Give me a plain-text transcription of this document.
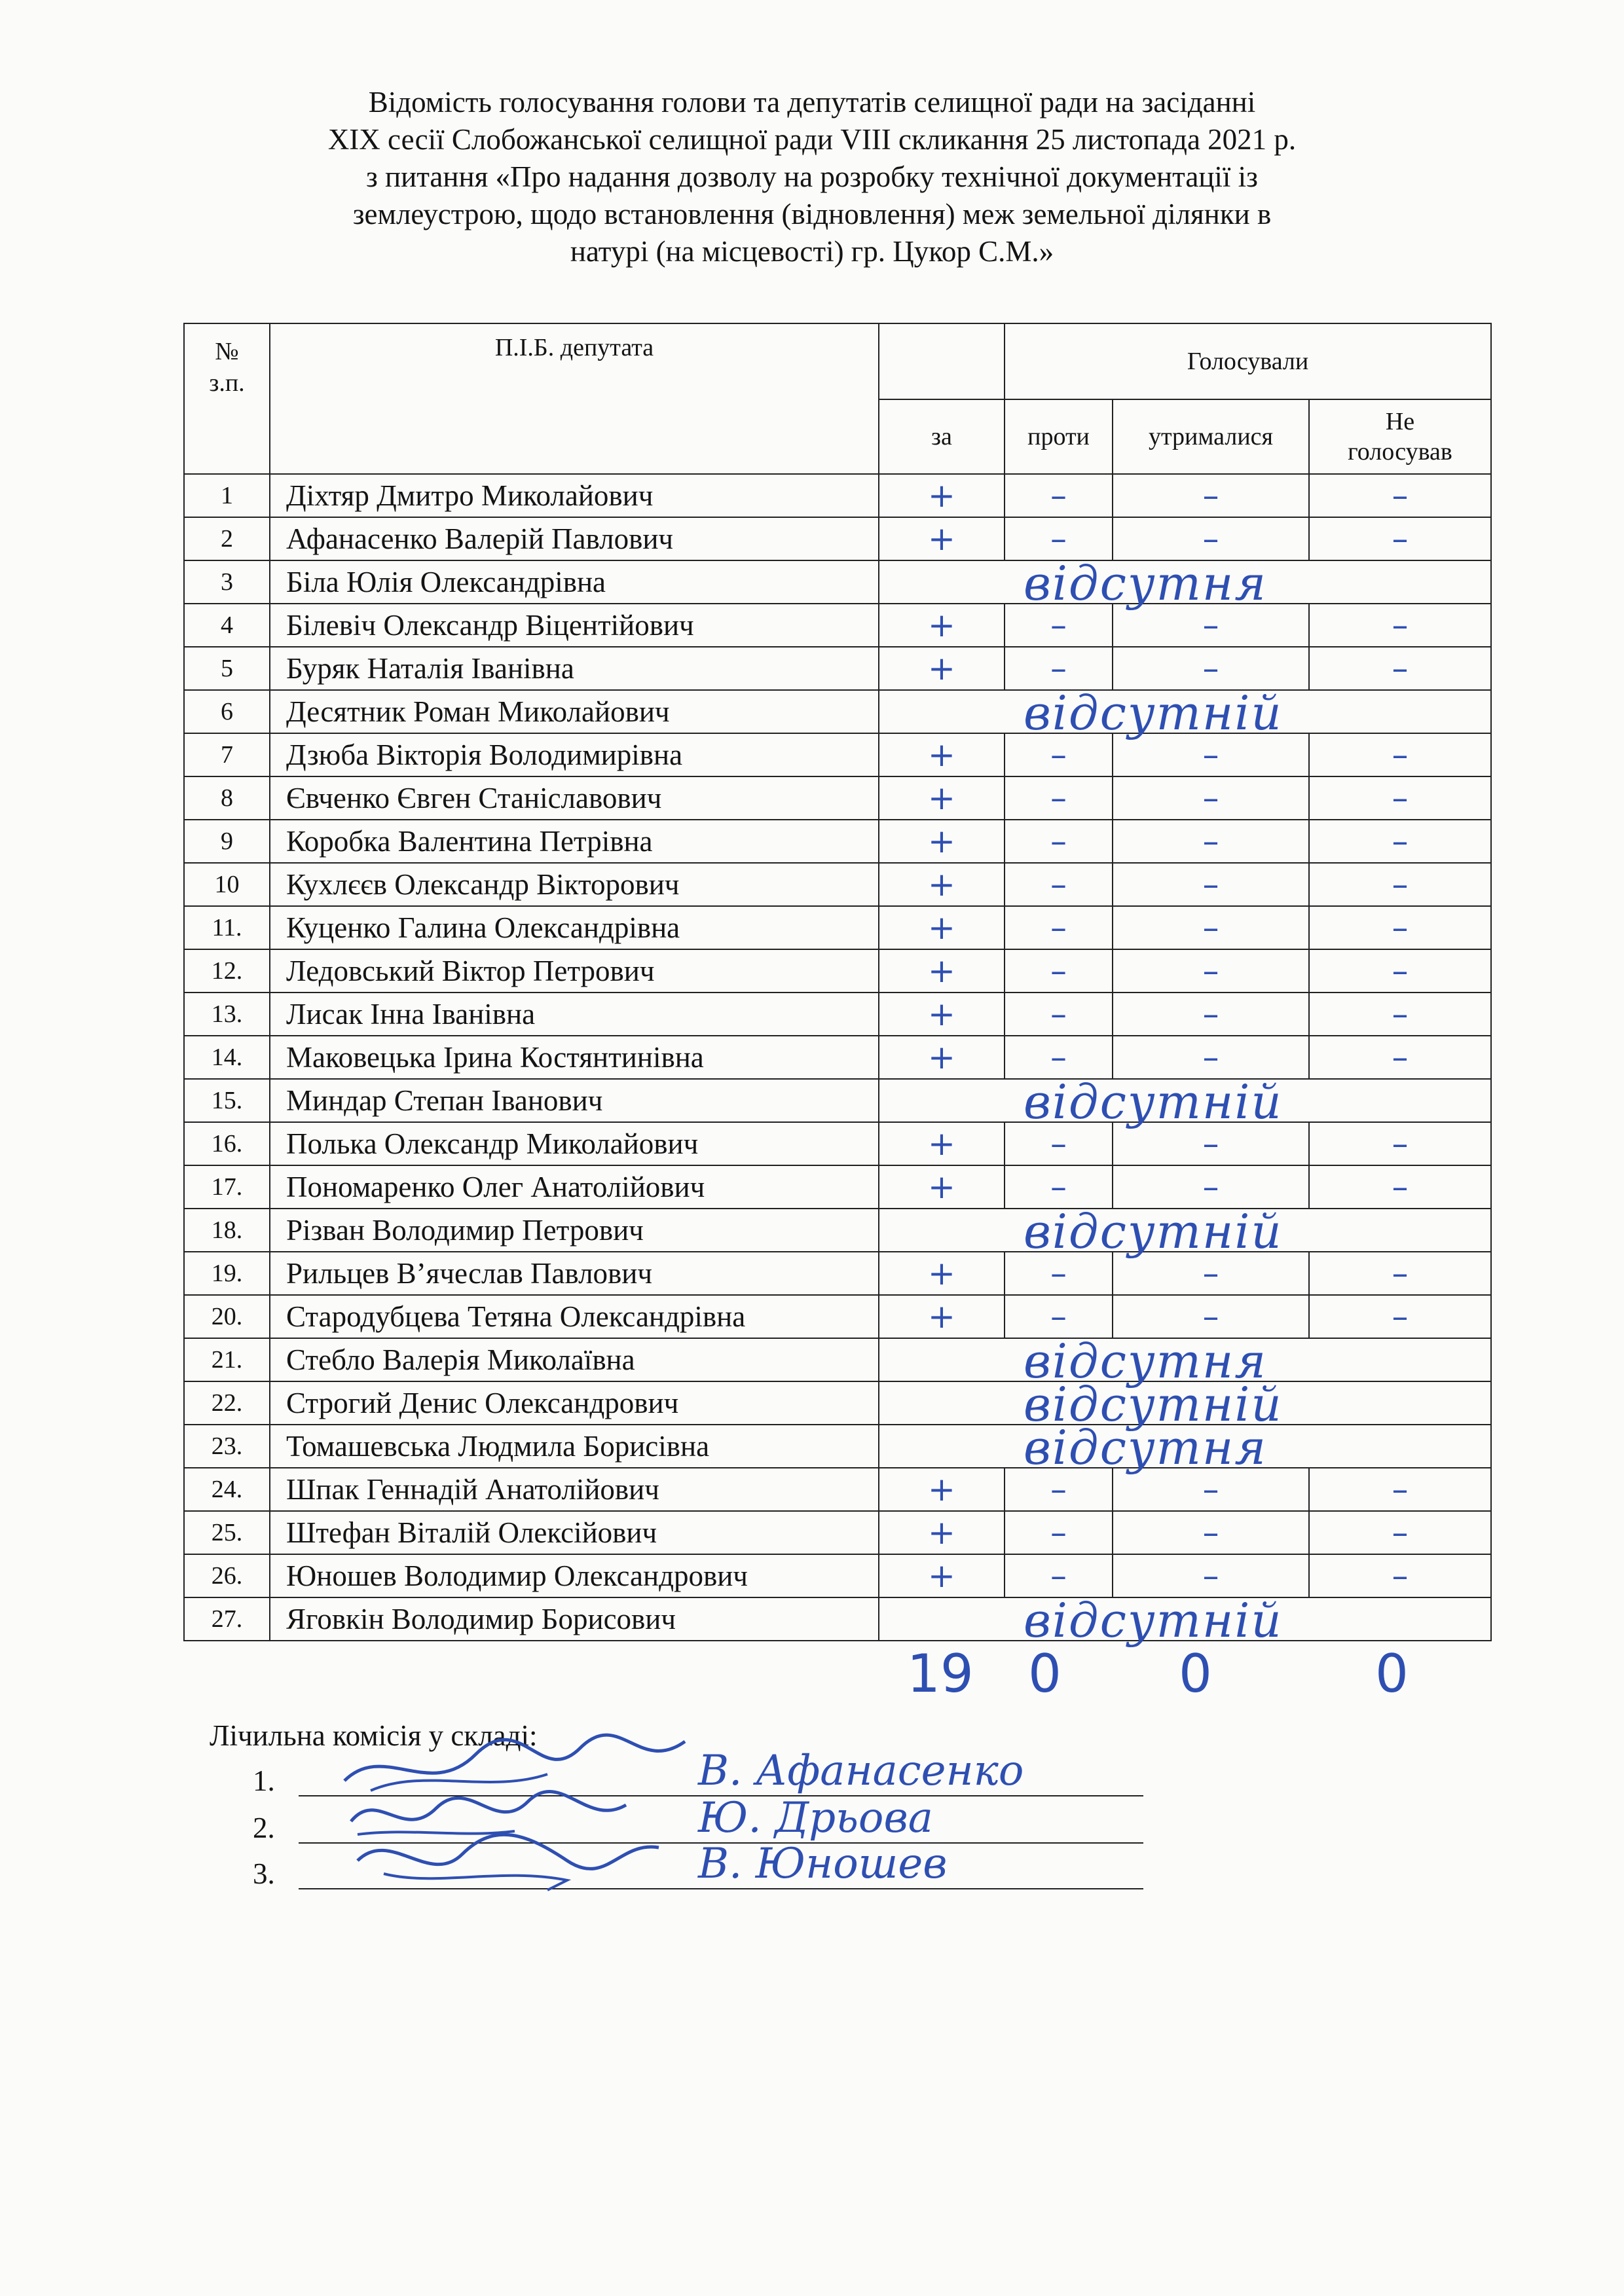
Відомість голосування голови та депутатів селищної ради на засіданні
XIX сесії Слобожанської селищної ради VIII скликання 25 листопада 2021 р.
з питання «Про надання дозволу на розробку технічної документації із
землеустрою, щодо встановлення (відновлення) меж земельної ділянки в
натурі (на місцевості) гр. Цукор С.М.»
№ з.п.	П.І.Б. депутата		Голосували		
		за	проти	утрималися	Не голосував

1	Діхтяр Дмитро Миколайович	+	–	–	–
2	Афанасенко Валерій Павлович	+	–	–	–
3	Біла Юлія Олександрівна	відсутня			

4	Білевіч Олександр Віцентійович	+	–	–	–
5	Буряк Наталія Іванівна	+	–	–	–
6	Десятник Роман Миколайович	відсутній			

7	Дзюба Вікторія Володимирівна	+	–	–	–
8	Євченко Євген Станіславович	+	–	–	–
9	Коробка Валентина Петрівна	+	–	–	–
10	Кухлєєв Олександр Вікторович	+	–	–	–
11.	Куценко Галина Олександрівна	+	–	–	–
12.	Ледовський Віктор Петрович	+	–	–	–
13.	Лисак Інна Іванівна	+	–	–	–
14.	Маковецька Ірина Костянтинівна	+	–	–	–
15.	Миндар Степан Іванович	відсутній			

16.	Полька Олександр Миколайович	+	–	–	–
17.	Пономаренко Олег Анатолійович	+	–	–	–
18.	Різван Володимир Петрович	відсутній			

19.	Рильцев В’ячеслав Павлович	+	–	–	–
20.	Стародубцева Тетяна Олександрівна	+	–	–	–
21.	Стебло Валерія Миколаївна	відсутня			

22.	Строгий Денис Олександрович	відсутній			

23.	Томашевська Людмила Борисівна	відсутня			

24.	Шпак Геннадій Анатолійович	+	–	–	–
25.	Штефан Віталій Олексійович	+	–	–	–
26.	Юношев Володимир Олександрович	+	–	–	–
27.	Яговкін Володимир Борисович	відсутній			
19 0 0	0
Лічильна комісія у складі:
1.	В. Афанасенко
2.	Ю. Дрьова
3.	В. Юношев
